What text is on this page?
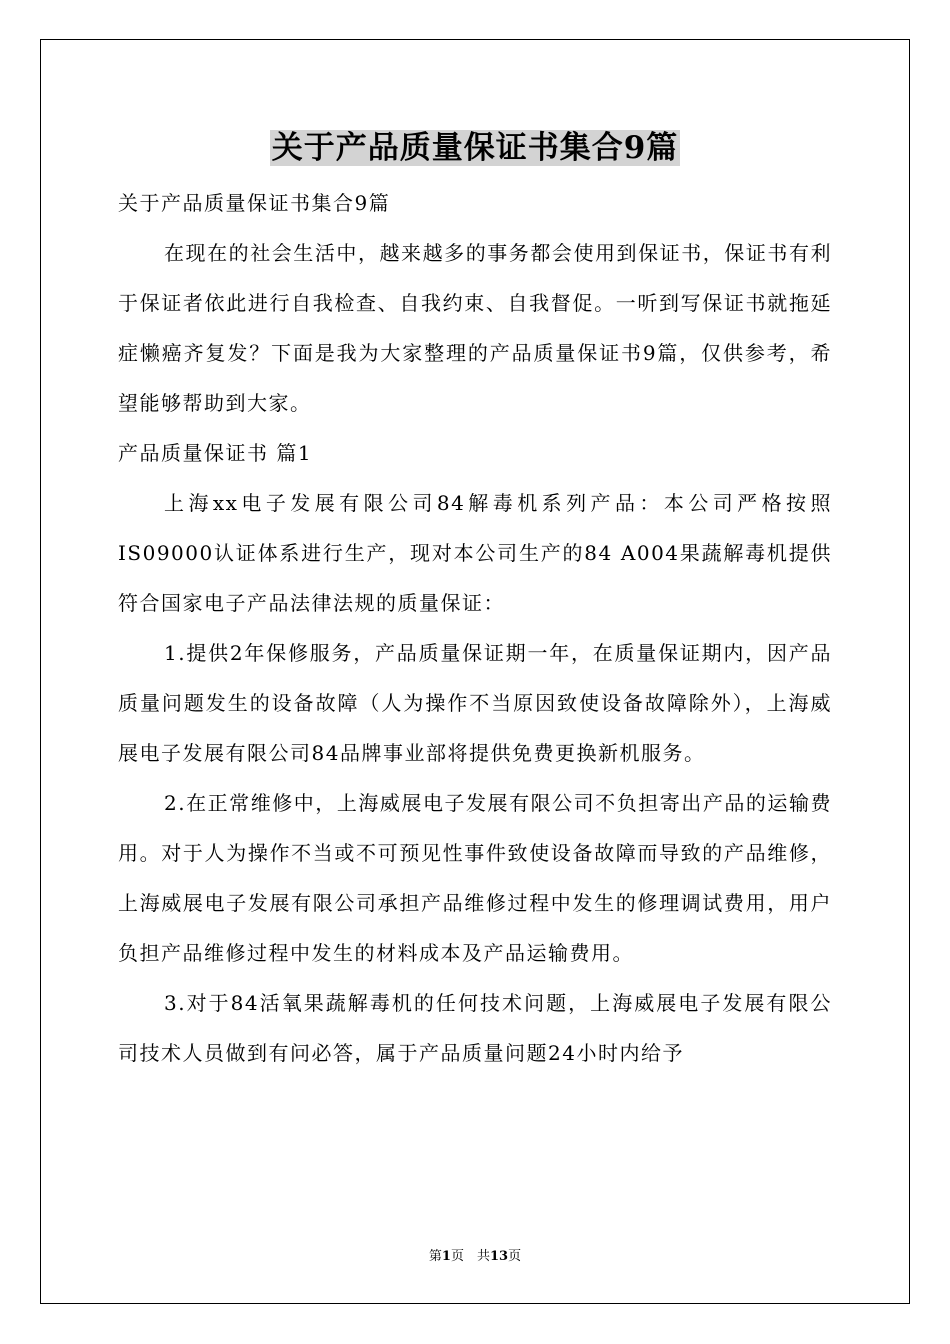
关于产品质量保证书集合9篇

关于产品质量保证书集合9篇

在现在的社会生活中，越来越多的事务都会使用到保证书，保证书有利于保证者依此进行自我检查、自我约束、自我督促。一听到写保证书就拖延症懒癌齐复发？下面是我为大家整理的产品质量保证书9篇，仅供参考，希望能够帮助到大家。

产品质量保证书 篇1

上海xx电子发展有限公司84解毒机系列产品：本公司严格按照IS09000认证体系进行生产，现对本公司生产的84 A004果蔬解毒机提供符合国家电子产品法律法规的质量保证：

1.提供2年保修服务，产品质量保证期一年，在质量保证期内，因产品质量问题发生的设备故障（人为操作不当原因致使设备故障除外），上海威展电子发展有限公司84品牌事业部将提供免费更换新机服务。

2.在正常维修中，上海威展电子发展有限公司不负担寄出产品的运输费用。对于人为操作不当或不可预见性事件致使设备故障而导致的产品维修，上海威展电子发展有限公司承担产品维修过程中发生的修理调试费用，用户负担产品维修过程中发生的材料成本及产品运输费用。

3.对于84活氧果蔬解毒机的任何技术问题，上海威展电子发展有限公司技术人员做到有问必答，属于产品质量问题24小时内给予

第1页　共13页
